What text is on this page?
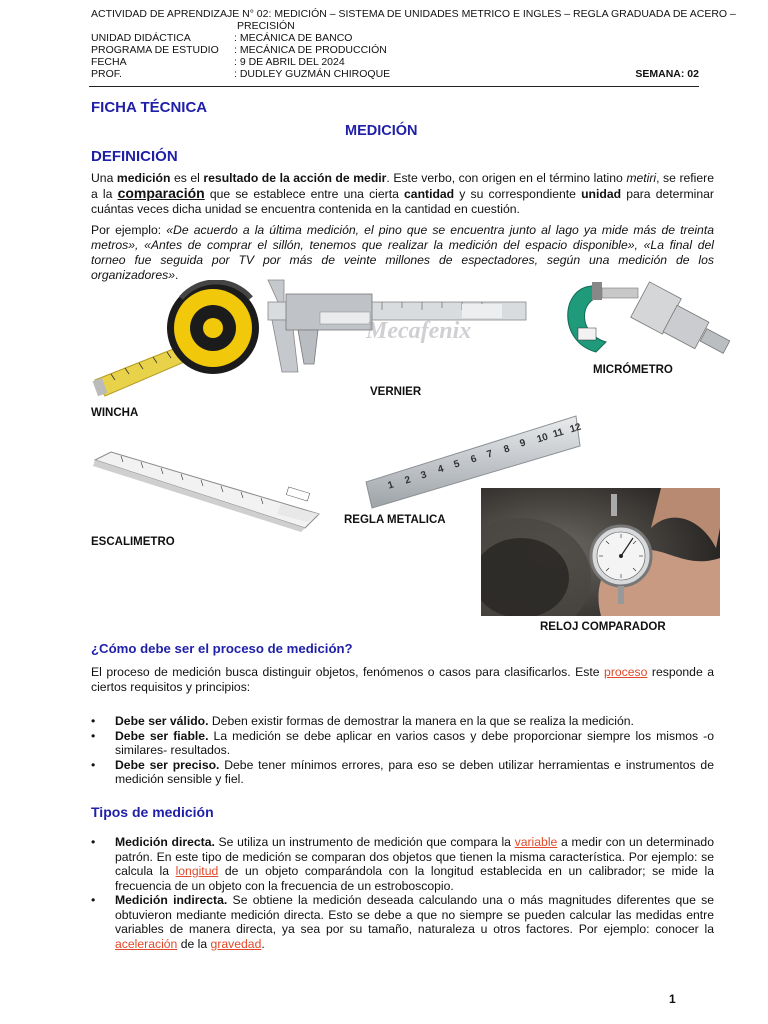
ACTIVIDAD DE APRENDIZAJE N° 02: MEDICIÓN – SISTEMA DE UNIDADES METRICO E INGLES – REGLA GRADUADA DE ACERO –
PRECISIÓN
UNIDAD DIDÁCTICA	: MECÁNICA DE BANCO
PROGRAMA DE ESTUDIO	: MECÁNICA DE PRODUCCIÓN
FECHA	: 9 DE ABRIL DEL 2024
PROF.	: DUDLEY GUZMÁN CHIROQUE	SEMANA: 02
FICHA TÉCNICA
MEDICIÓN
DEFINICIÓN
Una medición es el resultado de la acción de medir. Este verbo, con origen en el término latino metiri, se refiere a la comparación que se establece entre una cierta cantidad y su correspondiente unidad para determinar cuántas veces dicha unidad se encuentra contenida en la cantidad en cuestión.
Por ejemplo: «De acuerdo a la última medición, el pino que se encuentra junto al lago ya mide más de treinta metros», «Antes de comprar el sillón, tenemos que realizar la medición del espacio disponible», «La final del torneo fue seguida por TV por más de veinte millones de espectadores, según una medición de los organizadores».
WINCHA
Mecafenix
VERNIER
MICRÓMETRO
ESCALIMETRO
1 2 3 4 5 6 7 8 9 10 11 12
REGLA METALICA
RELOJ COMPARADOR
¿Cómo debe ser el proceso de medición?
El proceso de medición busca distinguir objetos, fenómenos o casos para clasificarlos. Este proceso responde a ciertos requisitos y principios:
• Debe ser válido. Deben existir formas de demostrar la manera en la que se realiza la medición.
• Debe ser fiable. La medición se debe aplicar en varios casos y debe proporcionar siempre los mismos -o similares- resultados.
• Debe ser preciso. Debe tener mínimos errores, para eso se deben utilizar herramientas e instrumentos de medición sensible y fiel.
Tipos de medición
• Medición directa. Se utiliza un instrumento de medición que compara la variable a medir con un determinado patrón. En este tipo de medición se comparan dos objetos que tienen la misma característica. Por ejemplo: se calcula la longitud de un objeto comparándola con la longitud establecida en un calibrador; se mide la frecuencia de un objeto con la frecuencia de un estroboscopio.
• Medición indirecta. Se obtiene la medición deseada calculando una o más magnitudes diferentes que se obtuvieron mediante medición directa. Esto se debe a que no siempre se pueden calcular las medidas entre variables de manera directa, ya sea por su tamaño, naturaleza u otros factores. Por ejemplo: conocer la aceleración de la gravedad.
1
